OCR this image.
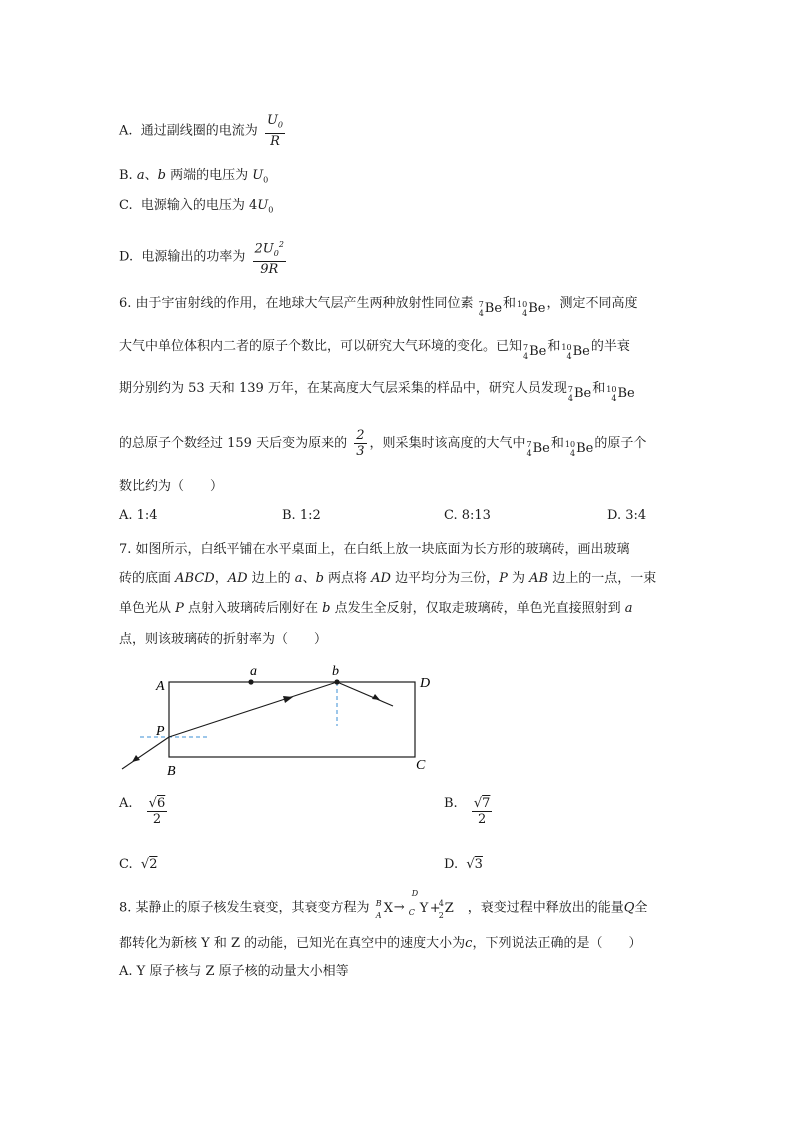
A. 通过副线圈的电流为 $\frac{U_0}{R}$
B. a、b 两端的电压为 $U_0$
C. 电源输入的电压为 $4U_0$
D. 电源输出的功率为 $\frac{2U_0^2}{9R}$
6. 由于宇宙射线的作用，在地球大气层产生两种放射性同位素 7
4 Be 和 10
4 Be ，测定不同高度
大气中单位体积内二者的原子个数比，可以研究大气环境的变化。已知 7
4 Be 和 10
4 Be 的半衰
期分别约为 53 天和 139 万年，在某高度大气层采集的样品中，研究人员发现 7
4 Be 和 10
4 Be
的总原子个数经过 159 天后变为原来的 $\frac{2}{3}$ ，则采集时该高度的大气中 7
4 Be 和 10
4 Be 的原子个
数比约为（　　）
A. 1:4	B. 1:2	C. 8:13	D. 3:4
7. 如图所示，白纸平铺在水平桌面上，在白纸上放一块底面为长方形的玻璃砖，画出玻璃
砖的底面 ABCD，AD 边上的 a、b 两点将 AD 边平均分为三份，P 为 AB 边上的一点，一束
单色光从 P 点射入玻璃砖后刚好在 b 点发生全反射，仅取走玻璃砖，单色光直接照射到 a
点，则该玻璃砖的折射率为（　　）
a	b
A	D
P
B	C
A. $\frac{√6}{2}$	B. $\frac{√7}{2}$
C.  √2	D.  √3
8. 某静止的原子核发生衰变，其衰变方程为 B
A X →
D
C Y +
4
2 Z ，衰变过程中释放出的能量Q全
都转化为新核 Y 和 Z 的动能，已知光在真空中的速度大小为c，下列说法正确的是（　　）
A. Y 原子核与 Z 原子核的动量大小相等
